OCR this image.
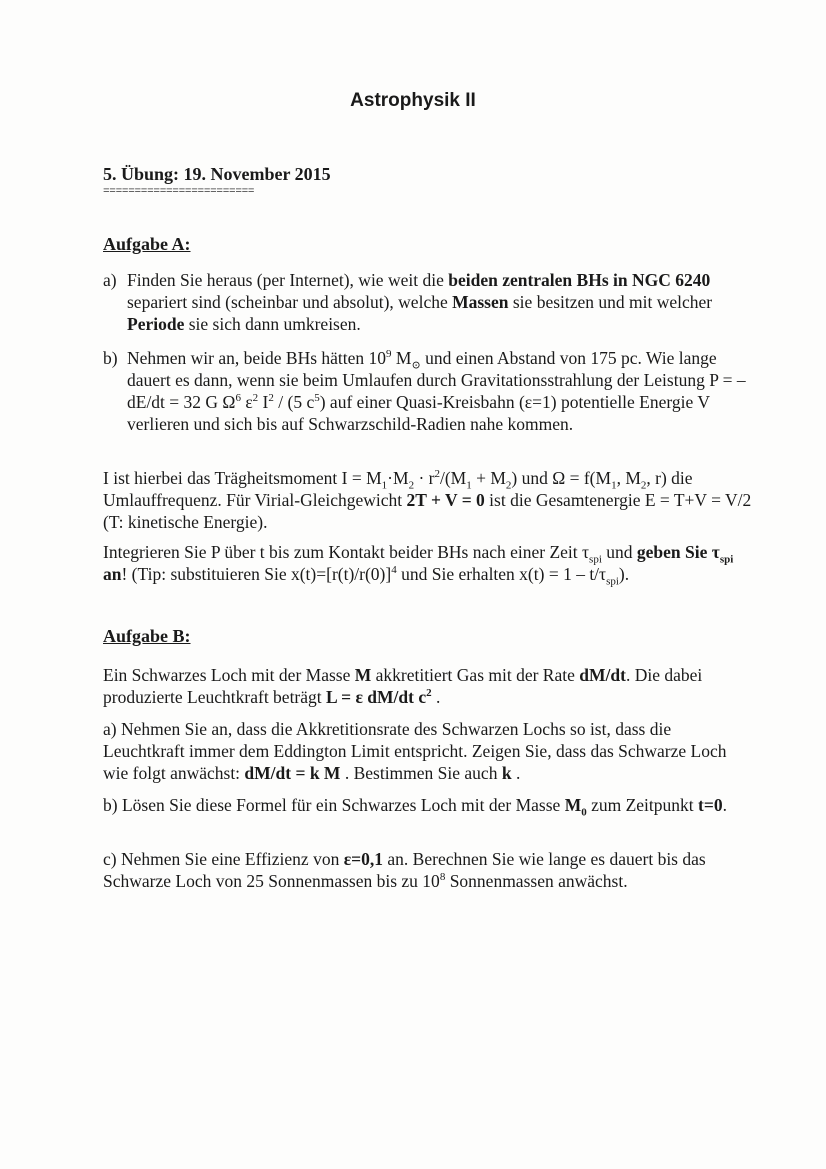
Astrophysik II
5. Übung: 19. November 2015
========================
Aufgabe A:
a) Finden Sie heraus (per Internet), wie weit die beiden zentralen BHs in NGC 6240 separiert sind (scheinbar und absolut), welche Massen sie besitzen und mit welcher Periode sie sich dann umkreisen.

b) Nehmen wir an, beide BHs hätten $10^9$ $M_⊙$ und einen Abstand von 175 pc. Wie lange dauert es dann, wenn sie beim Umlaufen durch Gravitationsstrahlung der Leistung P = – dE/dt = 32 G $\Omega^6$ $\varepsilon^2$ $I^2 / (5$ $c^5$) auf einer Quasi-Kreisbahn (ε=1) potentielle Energie V verlieren und sich bis auf Schwarzschild-Radien nahe kommen.

I ist hierbei das Trägheitsmoment $I = M_1\cdot M_2 \cdot r^2/(M_1 + M_2)$ und $\Omega = f(M_1$, $M_2$, r) die Umlauffrequenz. Für Virial-Gleichgewicht 2T + V = 0 ist die Gesamtenergie E = T+V = V/2 (T: kinetische Energie).

Integrieren Sie P über t bis zum Kontakt beider BHs nach einer Zeit $\tau_{spi}$ und geben Sie $\tau_{spi}$ an! (Tip: substituieren Sie $x(t)=[r(t)/r(0)]^4$ und Sie erhalten $x(t) = 1 - t/\tau_{spi}$).

Aufgabe B:

Ein Schwarzes Loch mit der Masse M akkretitiert Gas mit der Rate dM/dt. Die dabei produzierte Leuchtkraft beträgt L = ε dM/dt $c^2$ .

a) Nehmen Sie an, dass die Akkretitionsrate des Schwarzen Lochs so ist, dass die Leuchtkraft immer dem Eddington Limit entspricht. Zeigen Sie, dass das Schwarze Loch wie folgt anwächst: dM/dt = k M . Bestimmen Sie auch k .

b) Lösen Sie diese Formel für ein Schwarzes Loch mit der Masse $M_0$ zum Zeitpunkt t=0.

c) Nehmen Sie eine Effizienz von ε=0,1 an. Berechnen Sie wie lange es dauert bis das Schwarze Loch von 25 Sonnenmassen bis zu $10^8$ Sonnenmassen anwächst.
